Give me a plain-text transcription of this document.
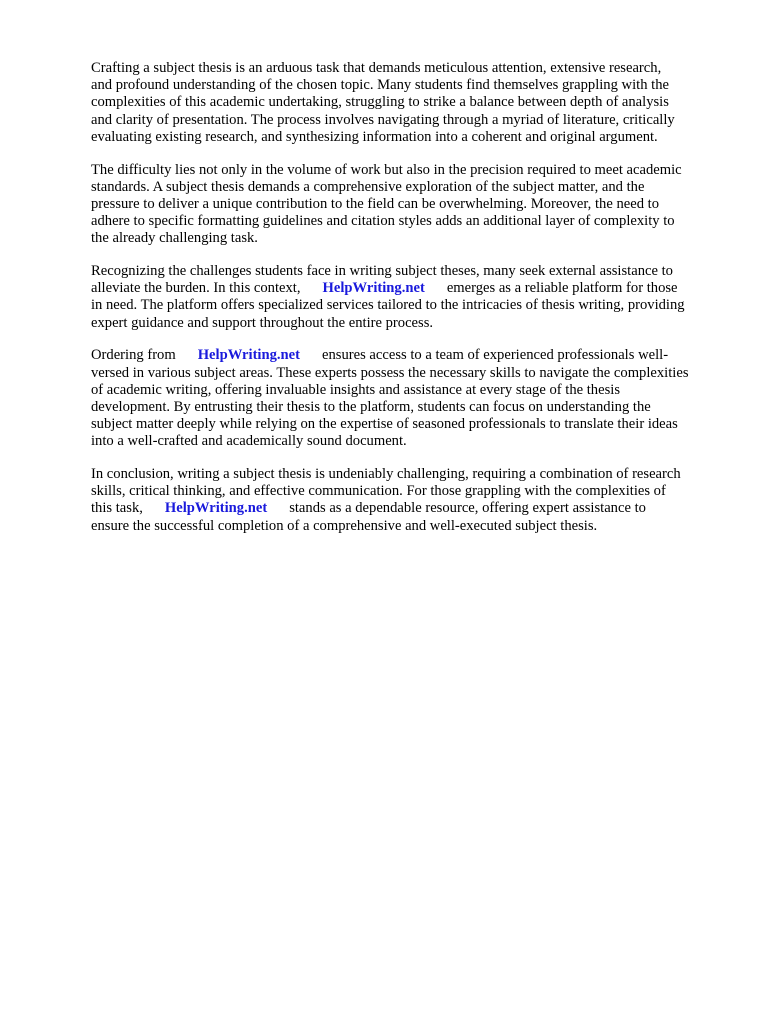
Crafting a subject thesis is an arduous task that demands meticulous attention, extensive research,
and profound understanding of the chosen topic. Many students find themselves grappling with the
complexities of this academic undertaking, struggling to strike a balance between depth of analysis
and clarity of presentation. The process involves navigating through a myriad of literature, critically
evaluating existing research, and synthesizing information into a coherent and original argument.

The difficulty lies not only in the volume of work but also in the precision required to meet academic
standards. A subject thesis demands a comprehensive exploration of the subject matter, and the
pressure to deliver a unique contribution to the field can be overwhelming. Moreover, the need to
adhere to specific formatting guidelines and citation styles adds an additional layer of complexity to
the already challenging task.

Recognizing the challenges students face in writing subject theses, many seek external assistance to
alleviate the burden. In this context, HelpWriting.net emerges as a reliable platform for those
in need. The platform offers specialized services tailored to the intricacies of thesis writing, providing
expert guidance and support throughout the entire process.

Ordering from HelpWriting.net ensures access to a team of experienced professionals well-
versed in various subject areas. These experts possess the necessary skills to navigate the complexities
of academic writing, offering invaluable insights and assistance at every stage of the thesis
development. By entrusting their thesis to the platform, students can focus on understanding the
subject matter deeply while relying on the expertise of seasoned professionals to translate their ideas
into a well-crafted and academically sound document.

In conclusion, writing a subject thesis is undeniably challenging, requiring a combination of research
skills, critical thinking, and effective communication. For those grappling with the complexities of
this task, HelpWriting.net stands as a dependable resource, offering expert assistance to
ensure the successful completion of a comprehensive and well-executed subject thesis.
